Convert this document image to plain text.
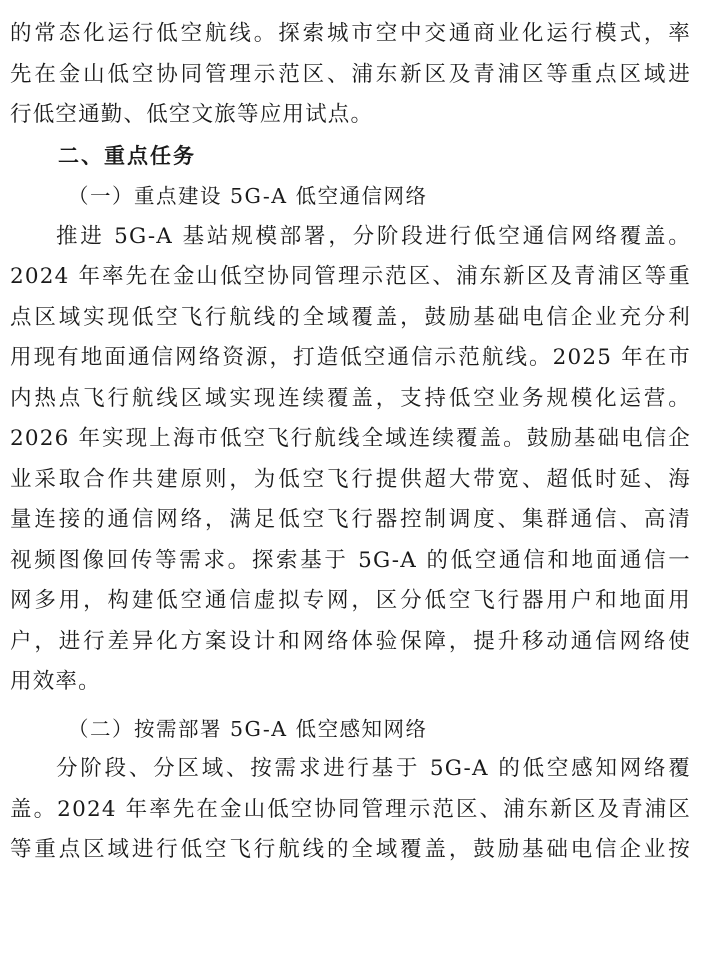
的常态化运行低空航线。探索城市空中交通商业化运行模式，率
先在金山低空协同管理示范区、浦东新区及青浦区等重点区域进
行低空通勤、低空文旅等应用试点。
二、重点任务
（一）重点建设 5G-A 低空通信网络
推进 5G-A 基站规模部署，分阶段进行低空通信网络覆盖。
2024 年率先在金山低空协同管理示范区、浦东新区及青浦区等重
点区域实现低空飞行航线的全域覆盖，鼓励基础电信企业充分利
用现有地面通信网络资源，打造低空通信示范航线。2025 年在市
内热点飞行航线区域实现连续覆盖，支持低空业务规模化运营。
2026 年实现上海市低空飞行航线全域连续覆盖。鼓励基础电信企
业采取合作共建原则，为低空飞行提供超大带宽、超低时延、海
量连接的通信网络，满足低空飞行器控制调度、集群通信、高清
视频图像回传等需求。探索基于 5G-A 的低空通信和地面通信一
网多用，构建低空通信虚拟专网，区分低空飞行器用户和地面用
户，进行差异化方案设计和网络体验保障，提升移动通信网络使
用效率。
（二）按需部署 5G-A 低空感知网络
分阶段、分区域、按需求进行基于 5G-A 的低空感知网络覆
盖。2024 年率先在金山低空协同管理示范区、浦东新区及青浦区
等重点区域进行低空飞行航线的全域覆盖，鼓励基础电信企业按
